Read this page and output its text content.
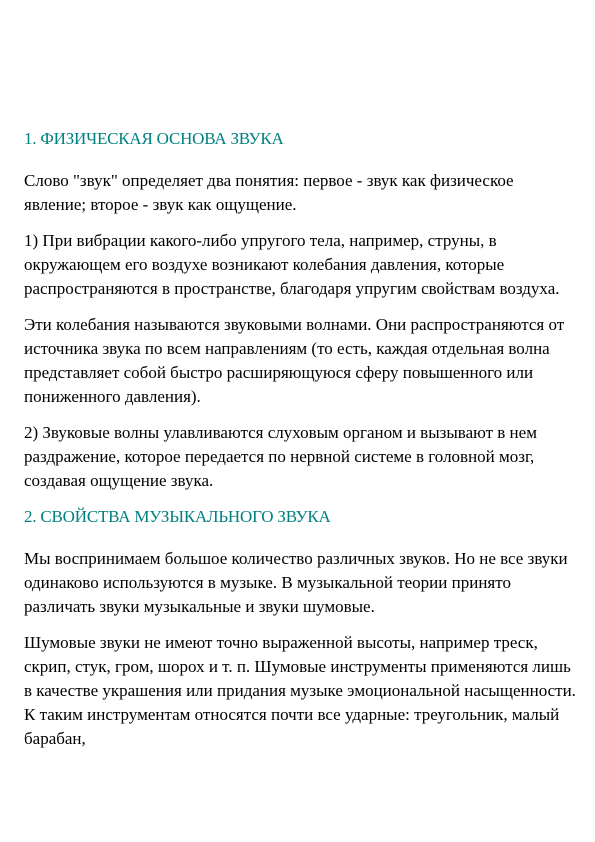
1. ФИЗИЧЕСКАЯ ОСНОВА ЗВУКА

Слово "звук" определяет два понятия: первое - звук как физическое явление; второе - звук как ощущение.

1) При вибрации какого-либо упругого тела, например, струны, в окружающем его воздухе возникают колебания давления, которые распространяются в пространстве, благодаря упругим свойствам воздуха.

Эти колебания называются звуковыми волнами. Они распространяются от источника звука по всем направлениям (то есть, каждая отдельная волна представляет собой быстро расширяющуюся сферу повышенного или пониженного давления).

2) Звуковые волны улавливаются слуховым органом и вызывают в нем раздражение, которое передается по нервной системе в головной мозг, создавая ощущение звука.

2. СВОЙСТВА МУЗЫКАЛЬНОГО ЗВУКА

Мы воспринимаем большое количество различных звуков. Но не все звуки одинаково используются в музыке. В музыкальной теории принято различать звуки музыкальные и звуки шумовые.

Шумовые звуки не имеют точно выраженной высоты, например треск, скрип, стук, гром, шорох и т. п. Шумовые инструменты применяются лишь в качестве украшения или придания музыке эмоциональной насыщенности. К таким инструментам относятся почти все ударные: треугольник, малый барабан,
